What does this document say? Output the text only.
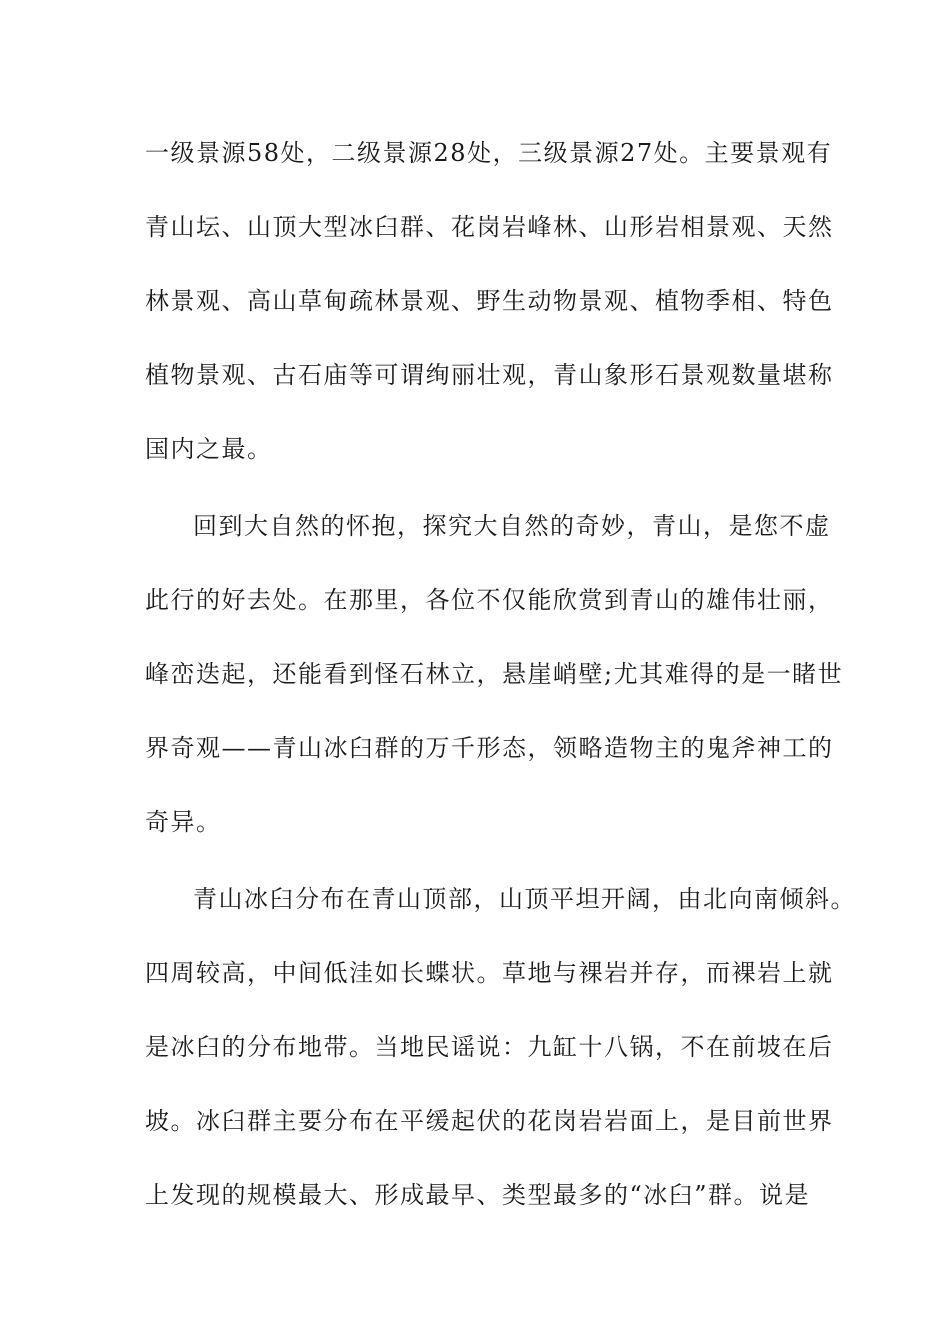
一级景源58处，二级景源28处，三级景源27处。主要景观有
青山坛、山顶大型冰臼群、花岗岩峰林、山形岩相景观、天然
林景观、高山草甸疏林景观、野生动物景观、植物季相、特色
植物景观、古石庙等可谓绚丽壮观，青山象形石景观数量堪称
国内之最。
回到大自然的怀抱，探究大自然的奇妙，青山，是您不虚
此行的好去处。在那里，各位不仅能欣赏到青山的雄伟壮丽，
峰峦迭起，还能看到怪石林立，悬崖峭壁;尤其难得的是一睹世
界奇观——青山冰臼群的万千形态，领略造物主的鬼斧神工的
奇异。
青山冰臼分布在青山顶部，山顶平坦开阔，由北向南倾斜。
四周较高，中间低洼如长蝶状。草地与裸岩并存，而裸岩上就
是冰臼的分布地带。当地民谣说：九缸十八锅，不在前坡在后
坡。冰臼群主要分布在平缓起伏的花岗岩岩面上，是目前世界
上发现的规模最大、形成最早、类型最多的“冰臼”群。说是
